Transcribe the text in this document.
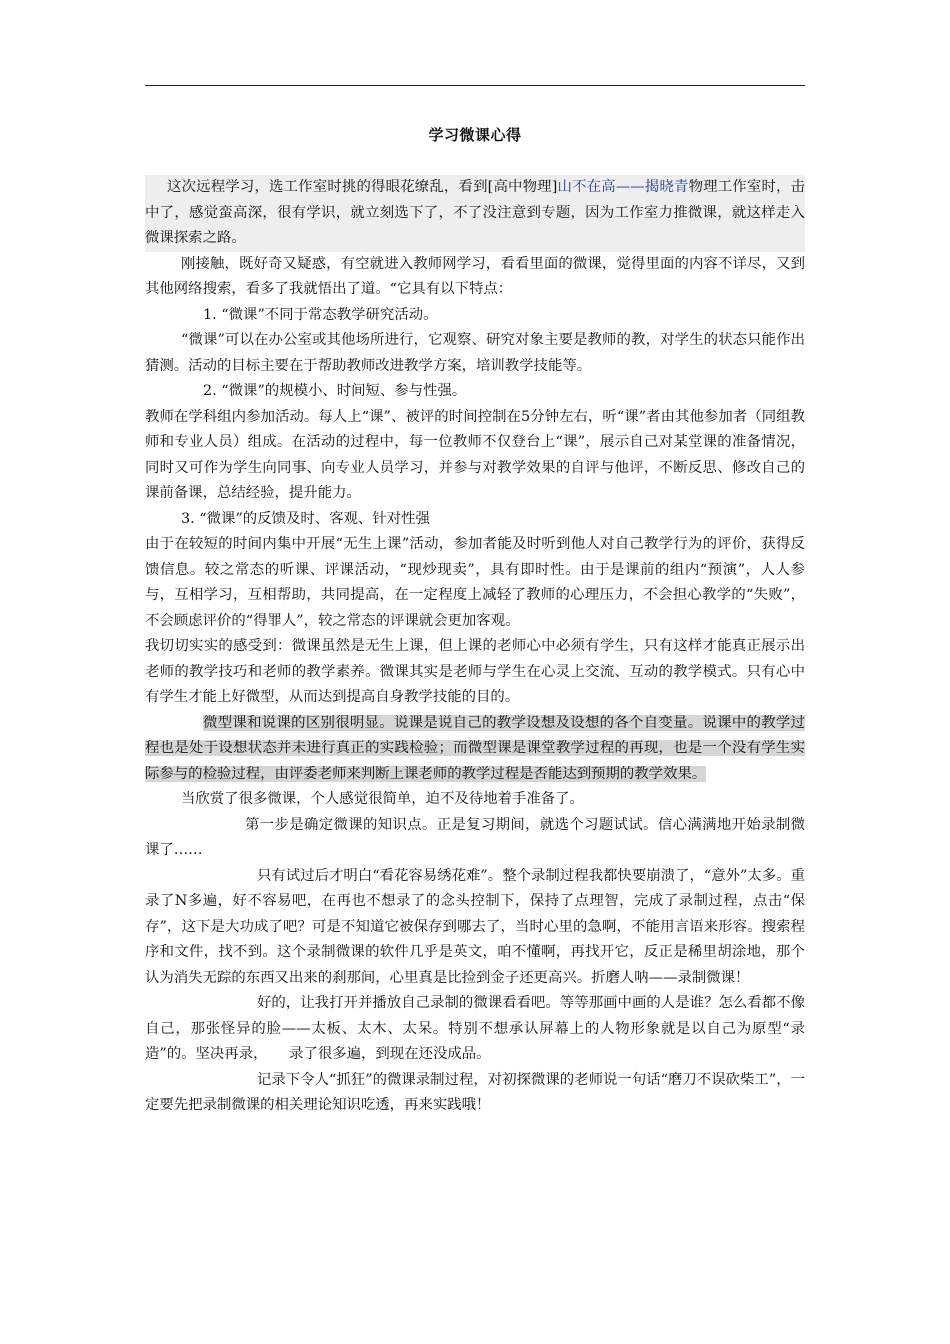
学习微课心得

这次远程学习，选工作室时挑的得眼花缭乱，看到[高中物理]山不在高——揭晓青物理工作室时，击中了，感觉蛮高深，很有学识，就立刻选下了，不了没注意到专题，因为工作室力推微课，就这样走入微课探索之路。

刚接触，既好奇又疑惑，有空就进入教师网学习，看看里面的微课，觉得里面的内容不详尽，又到其他网络搜索，看多了我就悟出了道。“它具有以下特点：

1. “微课”不同于常态教学研究活动。

“微课”可以在办公室或其他场所进行，它观察、研究对象主要是教师的教，对学生的状态只能作出猜测。活动的目标主要在于帮助教师改进教学方案，培训教学技能等。

2. “微课”的规模小、时间短、参与性强。

教师在学科组内参加活动。每人上“课”、被评的时间控制在5分钟左右，听“课”者由其他参加者（同组教师和专业人员）组成。在活动的过程中，每一位教师不仅登台上“课”，展示自己对某堂课的准备情况，同时又可作为学生向同事、向专业人员学习，并参与对教学效果的自评与他评，不断反思、修改自己的课前备课，总结经验，提升能力。

3. “微课”的反馈及时、客观、针对性强

由于在较短的时间内集中开展“无生上课”活动，参加者能及时听到他人对自己教学行为的评价，获得反馈信息。较之常态的听课、评课活动，“现炒现卖”，具有即时性。由于是课前的组内“预演”，人人参与，互相学习，互相帮助，共同提高，在一定程度上减轻了教师的心理压力，不会担心教学的“失败”，不会顾虑评价的“得罪人”，较之常态的评课就会更加客观。

我切切实实的感受到：微课虽然是无生上课，但上课的老师心中必须有学生，只有这样才能真正展示出老师的教学技巧和老师的教学素养。微课其实是老师与学生在心灵上交流、互动的教学模式。只有心中有学生才能上好微型，从而达到提高自身教学技能的目的。

微型课和说课的区别很明显。说课是说自己的教学设想及设想的各个自变量。说课中的教学过程也是处于设想状态并未进行真正的实践检验；而微型课是课堂教学过程的再现，也是一个没有学生实际参与的检验过程，由评委老师来判断上课老师的教学过程是否能达到预期的教学效果。

当欣赏了很多微课，个人感觉很简单，迫不及待地着手准备了。

第一步是确定微课的知识点。正是复习期间，就选个习题试试。信心满满地开始录制微课了……

只有试过后才明白“看花容易绣花难”。整个录制过程我都快要崩溃了，“意外”太多。重录了N多遍，好不容易吧，在再也不想录了的念头控制下，保持了点理智，完成了录制过程，点击“保存”，这下是大功成了吧？可是不知道它被保存到哪去了，当时心里的急啊，不能用言语来形容。搜索程序和文件，找不到。这个录制微课的软件几乎是英文，咱不懂啊，再找开它，反正是稀里胡涂地，那个认为消失无踪的东西又出来的刹那间，心里真是比捡到金子还更高兴。折磨人呐——录制微课！

好的，让我打开并播放自己录制的微课看看吧。等等那画中画的人是谁？怎么看都不像自己，那张怪异的脸——太板、太木、太呆。特别不想承认屏幕上的人物形象就是以自己为原型“录造”的。坚决再录，　　录了很多遍，到现在还没成品。

记录下令人“抓狂”的微课录制过程，对初探微课的老师说一句话“磨刀不误砍柴工”，一定要先把录制微课的相关理论知识吃透，再来实践哦！
